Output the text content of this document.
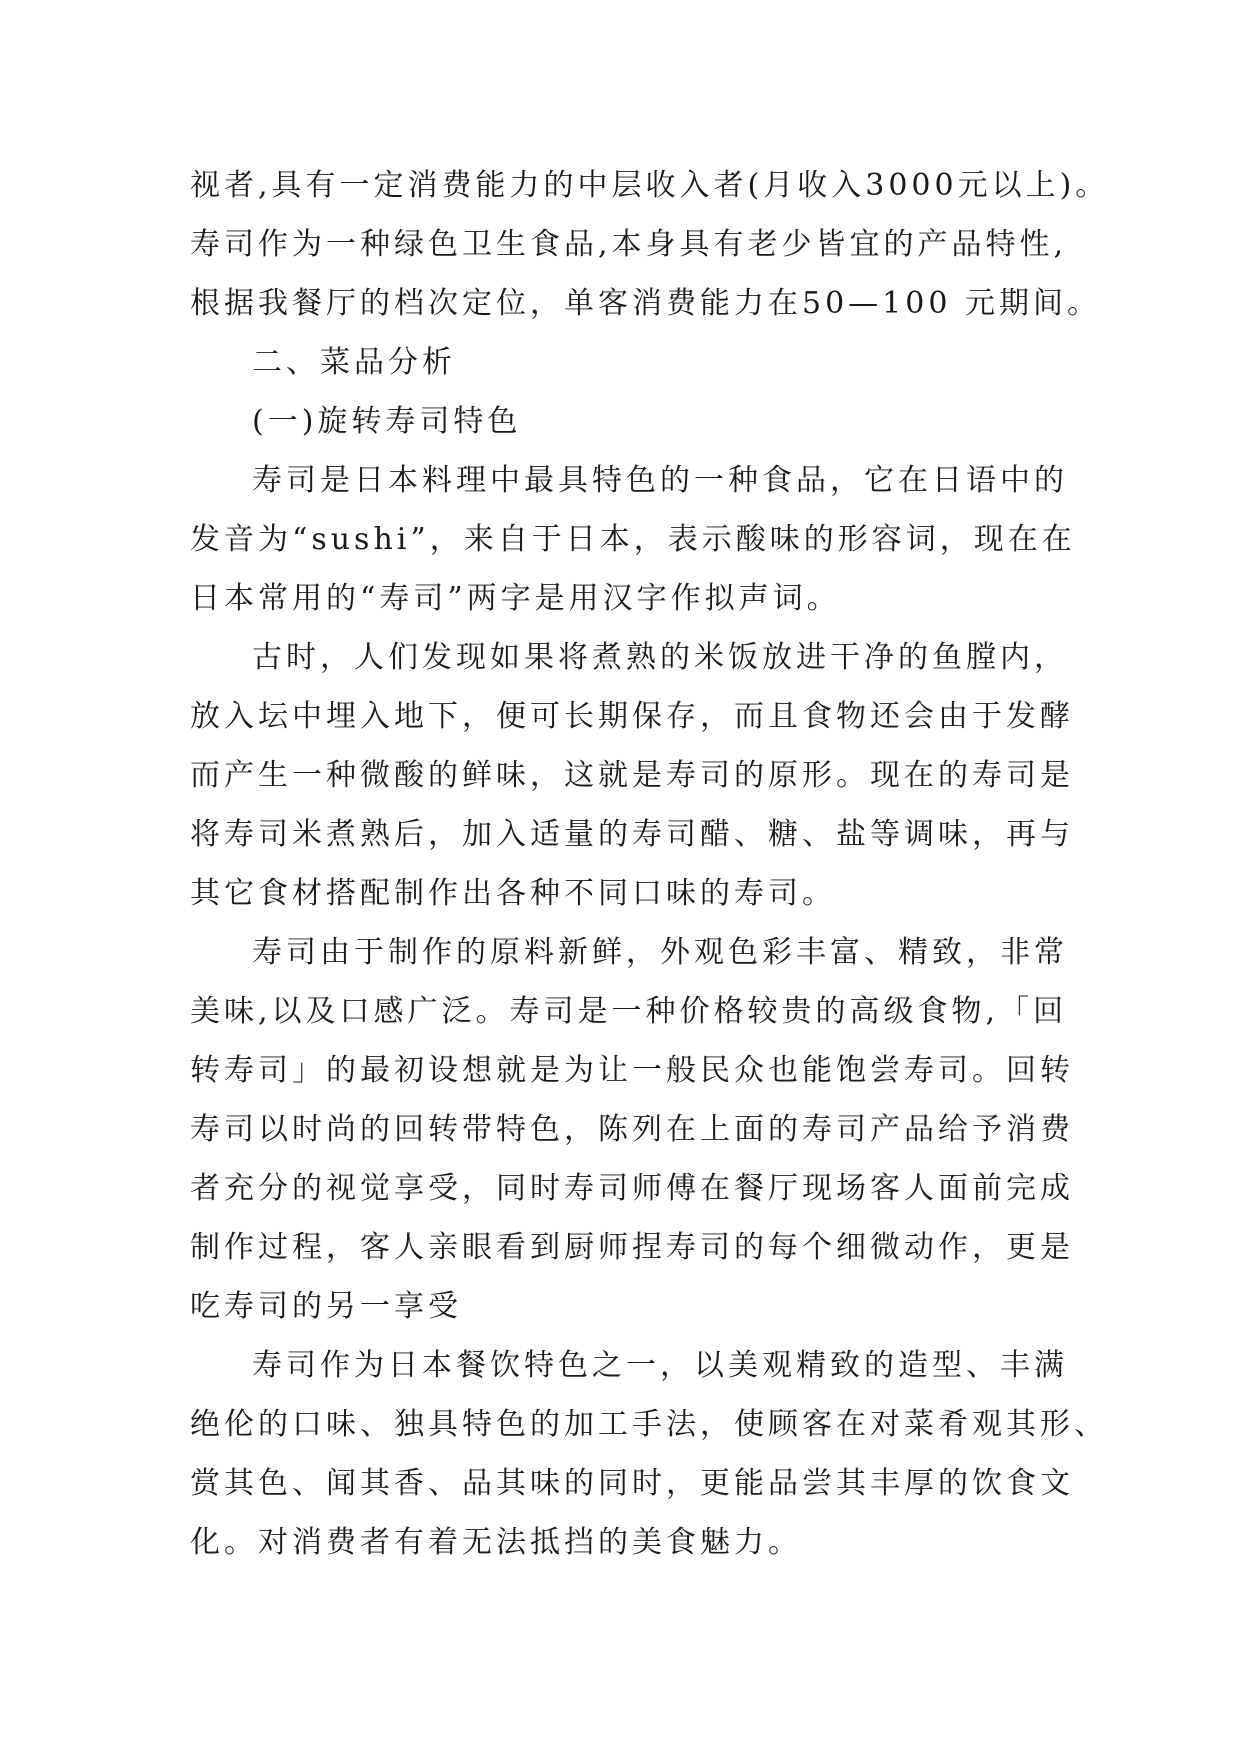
视者,具有一定消费能力的中层收入者(月收入3000元以上)。
寿司作为一种绿色卫生食品,本身具有老少皆宜的产品特性,
根据我餐厅的档次定位，单客消费能力在50—100 元期间。
二、菜品分析
(一)旋转寿司特色
寿司是日本料理中最具特色的一种食品，它在日语中的
发音为“sushi”，来自于日本，表示酸味的形容词，现在在
日本常用的“寿司”两字是用汉字作拟声词。
古时，人们发现如果将煮熟的米饭放进干净的鱼膛内，
放入坛中埋入地下，便可长期保存，而且食物还会由于发酵
而产生一种微酸的鲜味，这就是寿司的原形。现在的寿司是
将寿司米煮熟后，加入适量的寿司醋、糖、盐等调味，再与
其它食材搭配制作出各种不同口味的寿司。
寿司由于制作的原料新鲜，外观色彩丰富、精致，非常
美味,以及口感广泛。寿司是一种价格较贵的高级食物,「回
转寿司」的最初设想就是为让一般民众也能饱尝寿司。回转
寿司以时尚的回转带特色，陈列在上面的寿司产品给予消费
者充分的视觉享受，同时寿司师傅在餐厅现场客人面前完成
制作过程，客人亲眼看到厨师捏寿司的每个细微动作，更是
吃寿司的另一享受
寿司作为日本餐饮特色之一，以美观精致的造型、丰满
绝伦的口味、独具特色的加工手法，使顾客在对菜肴观其形、
赏其色、闻其香、品其味的同时，更能品尝其丰厚的饮食文
化。对消费者有着无法抵挡的美食魅力。
